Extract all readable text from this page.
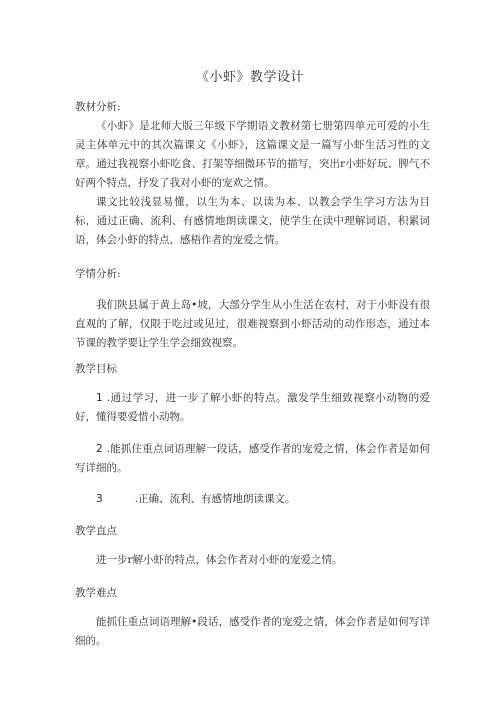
《小虾》教学设计
教材分析:

《小虾》是北师大版三年级下学期语文教材第七册第四单元可爱的小生灵主体单元中的其次篇课文《小虾》，这篇课文是一篇写小虾生活习性的文章。通过我视察小虾吃食、打架等细微环节的描写，突出r小虾好玩、脾气不好两个特点，抒发了我对小虾的宠欢之情。

课文比较浅显易懂，以生为本、以读为本、以教会学生学习方法为目标，通过正确、流利、有感情地朗读课文，使学生在读中理解词语，积累词语，体会小虾的特点，感梧作者的宠爱之情。

学情分析:

我们陕县属于黄上岛•坡，大部分学生从小生活在农村，对于小虾没有很直观的了解，仅限于吃过或见过，很难视察到小虾活动的动作形态，通过本节课的教学要让学生学会细致视察。

教学目标

1 .通过学习，进一步了解小虾的特点。激发学生细致视察小动物的爱好，懂得要爱惜小动物。

2 .能抓住重点词语理解一段话，感受作者的宠爱之情，体会作者是如何写详细的。

3	.正确、流利、有感情地朗读课文。

教学直点

进一步r解小虾的特点，体会作者对小虾的宠爱之情。

教学难点

能抓住重点词语理解•段话，感受作者的宠爱之情，体会作者是如何写详细的。
